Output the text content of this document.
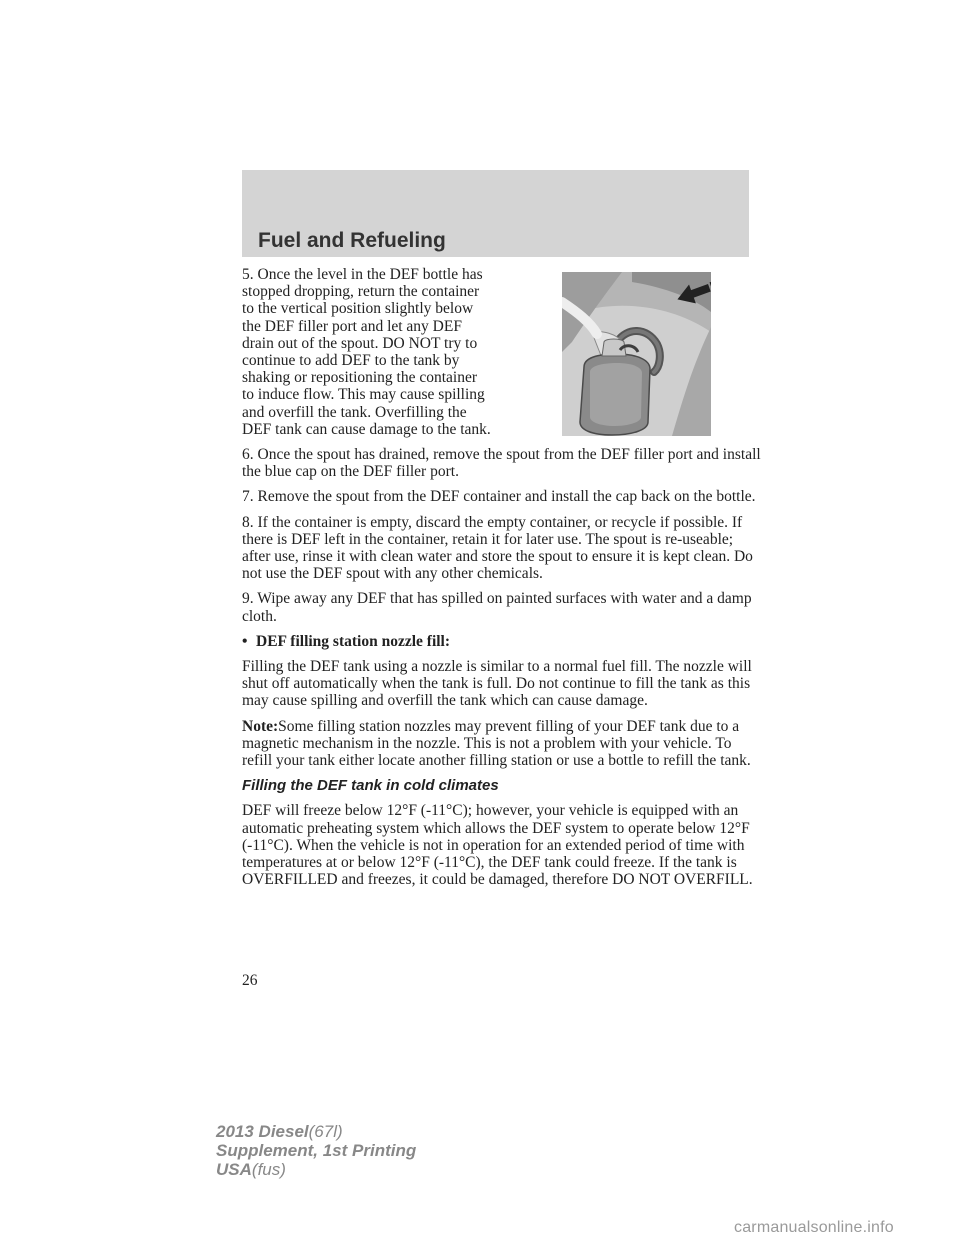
Fuel and Refueling

5. Once the level in the DEF bottle has stopped dropping, return the container to the vertical position slightly below the DEF filler port and let any DEF drain out of the spout. DO NOT try to continue to add DEF to the tank by shaking or repositioning the container to induce flow. This may cause spilling and overfill the tank. Overfilling the DEF tank can cause damage to the tank.

6. Once the spout has drained, remove the spout from the DEF filler port and install the blue cap on the DEF filler port.

7. Remove the spout from the DEF container and install the cap back on the bottle.

8. If the container is empty, discard the empty container, or recycle if possible. If there is DEF left in the container, retain it for later use. The spout is re-useable; after use, rinse it with clean water and store the spout to ensure it is kept clean. Do not use the DEF spout with any other chemicals.

9. Wipe away any DEF that has spilled on painted surfaces with water and a damp cloth.

• DEF filling station nozzle fill:

Filling the DEF tank using a nozzle is similar to a normal fuel fill. The nozzle will shut off automatically when the tank is full. Do not continue to fill the tank as this may cause spilling and overfill the tank which can cause damage.

Note:Some filling station nozzles may prevent filling of your DEF tank due to a magnetic mechanism in the nozzle. This is not a problem with your vehicle. To refill your tank either locate another filling station or use a bottle to refill the tank.

Filling the DEF tank in cold climates

DEF will freeze below 12°F (-11°C); however, your vehicle is equipped with an automatic preheating system which allows the DEF system to operate below 12°F (-11°C). When the vehicle is not in operation for an extended period of time with temperatures at or below 12°F (-11°C), the DEF tank could freeze. If the tank is OVERFILLED and freezes, it could be damaged, therefore DO NOT OVERFILL.

26
2013 Diesel(67l)
Supplement, 1st Printing
USA(fus)
carmanualsonline.info
